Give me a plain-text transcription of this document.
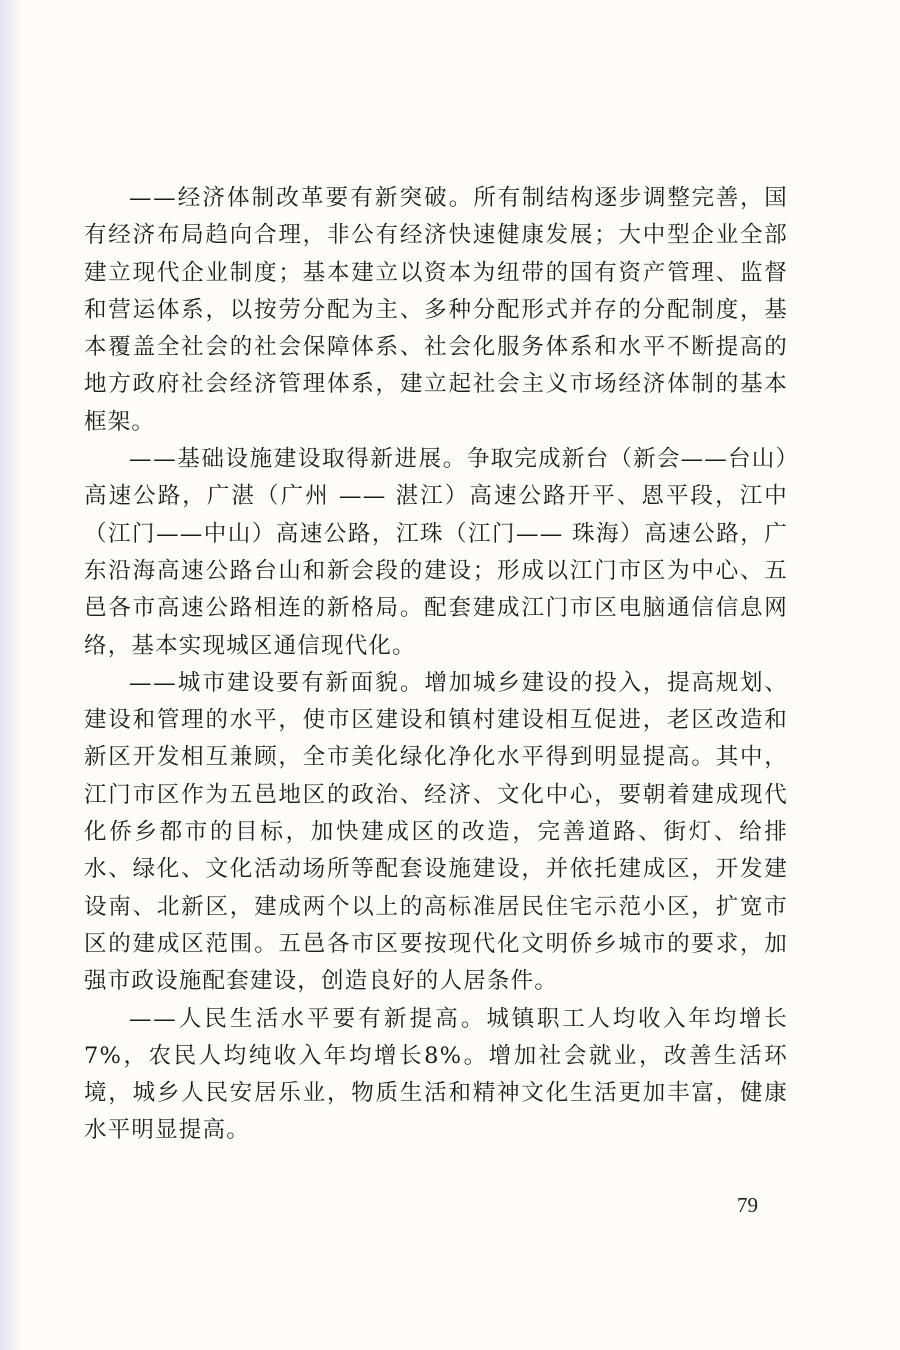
——经济体制改革要有新突破。所有制结构逐步调整完善，国有经济布局趋向合理，非公有经济快速健康发展；大中型企业全部建立现代企业制度；基本建立以资本为纽带的国有资产管理、监督和营运体系，以按劳分配为主、多种分配形式并存的分配制度，基本覆盖全社会的社会保障体系、社会化服务体系和水平不断提高的地方政府社会经济管理体系，建立起社会主义市场经济体制的基本框架。

——基础设施建设取得新进展。争取完成新台（新会——台山）高速公路，广湛（广州 —— 湛江）高速公路开平、恩平段，江中（江门——中山）高速公路，江珠（江门—— 珠海）高速公路，广东沿海高速公路台山和新会段的建设；形成以江门市区为中心、五邑各市高速公路相连的新格局。配套建成江门市区电脑通信信息网络，基本实现城区通信现代化。

——城市建设要有新面貌。增加城乡建设的投入，提高规划、建设和管理的水平，使市区建设和镇村建设相互促进，老区改造和新区开发相互兼顾，全市美化绿化净化水平得到明显提高。其中，江门市区作为五邑地区的政治、经济、文化中心，要朝着建成现代化侨乡都市的目标，加快建成区的改造，完善道路、街灯、给排水、绿化、文化活动场所等配套设施建设，并依托建成区，开发建设南、北新区，建成两个以上的高标准居民住宅示范小区，扩宽市区的建成区范围。五邑各市区要按现代化文明侨乡城市的要求，加强市政设施配套建设，创造良好的人居条件。

——人民生活水平要有新提高。城镇职工人均收入年均增长7%，农民人均纯收入年均增长8%。增加社会就业，改善生活环境，城乡人民安居乐业，物质生活和精神文化生活更加丰富，健康水平明显提高。

79
